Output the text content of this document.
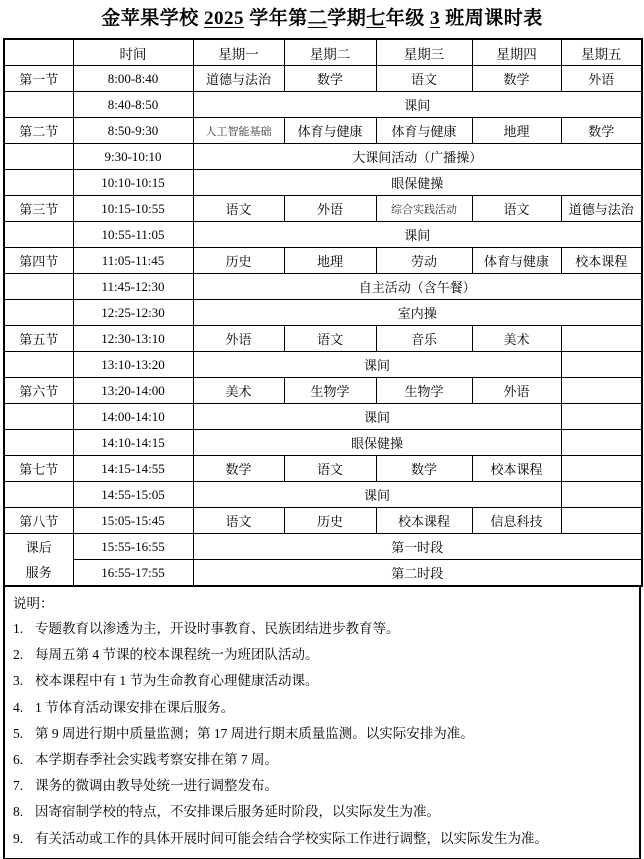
金苹果学校 2025 学年第二学期七年级 3 班周课时表
	时间	星期一	星期二	星期三	星期四	星期五
第一节	8:00-8:40	道德与法治	数学	语文	数学	外语
	8:40-8:50	课间				
第二节	8:50-9:30	人工智能基础	体育与健康	体育与健康	地理	数学
	9:30-10:10	大课间活动（广播操）				
	10:10-10:15	眼保健操				
第三节	10:15-10:55	语文	外语	综合实践活动	语文	道德与法治
	10:55-11:05	课间				
第四节	11:05-11:45	历史	地理	劳动	体育与健康	校本课程
	11:45-12:30	自主活动（含午餐）				
	12:25-12:30	室内操				
第五节	12:30-13:10	外语	语文	音乐	美术	
	13:10-13:20	课间				
第六节	13:20-14:00	美术	生物学	生物学	外语	
	14:00-14:10	课间				
	14:10-14:15	眼保健操				
第七节	14:15-14:55	数学	语文	数学	校本课程	
	14:55-15:05	课间				
第八节	15:05-15:45	语文	历史	校本课程	信息科技	

课后
服务	15:55-16:55	第一时段				
	16:55-17:55	第二时段				
说明：
1. 专题教育以渗透为主，开设时事教育、民族团结进步教育等。
2. 每周五第 4 节课的校本课程统一为班团队活动。
3. 校本课程中有 1 节为生命教育心理健康活动课。
4. 1 节体育活动课安排在课后服务。
5. 第 9 周进行期中质量监测；第 17 周进行期末质量监测。以实际安排为准。
6. 本学期春季社会实践考察安排在第 7 周。
7. 课务的微调由教导处统一进行调整发布。
8. 因寄宿制学校的特点，不安排课后服务延时阶段，以实际发生为准。
9. 有关活动或工作的具体开展时间可能会结合学校实际工作进行调整，以实际发生为准。
